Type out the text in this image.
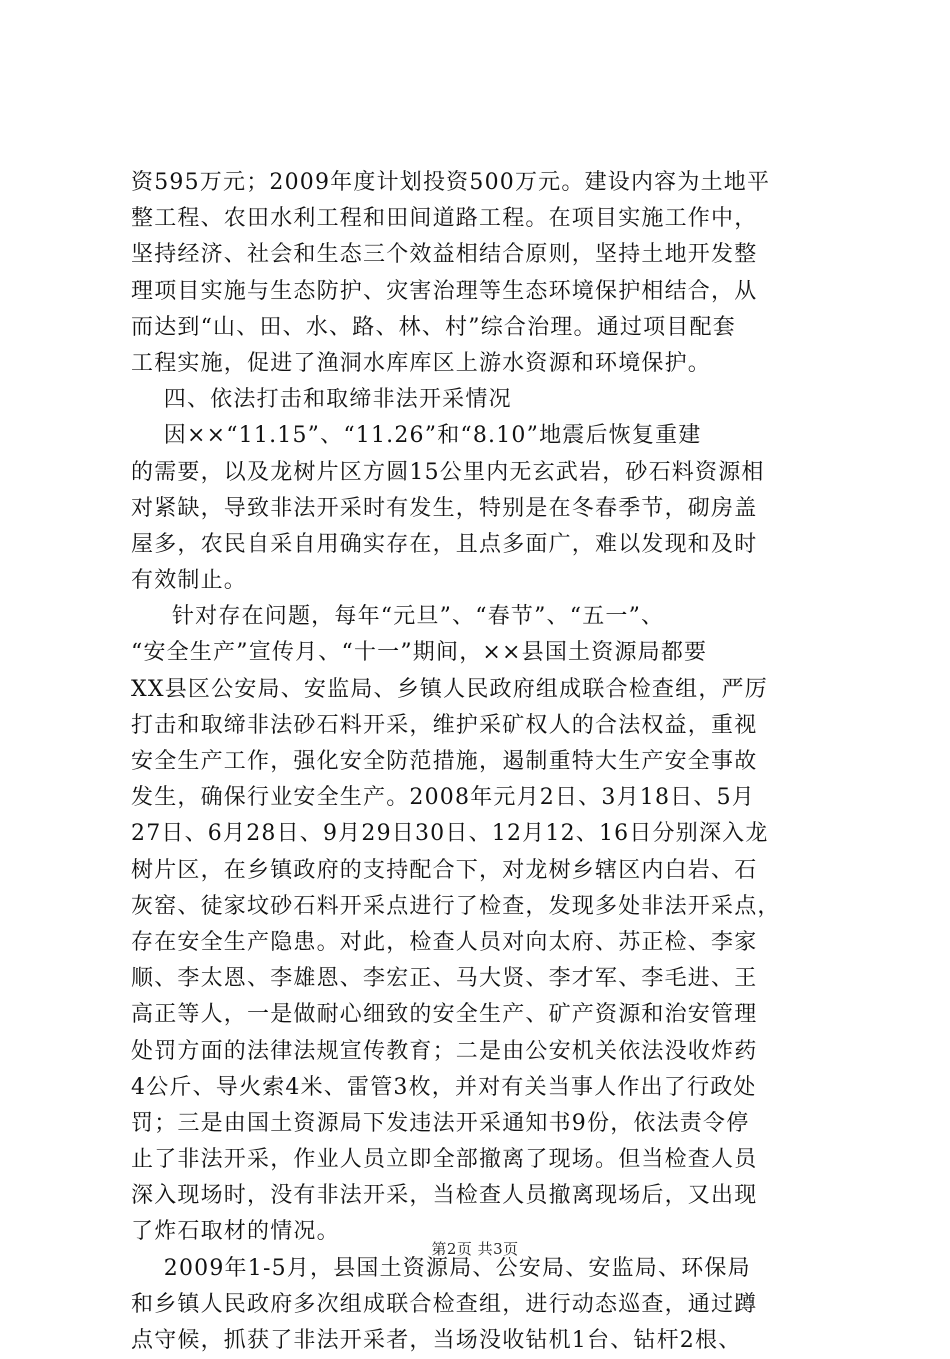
资595万元；2009年度计划投资500万元。建设内容为土地平
整工程、农田水利工程和田间道路工程。在项目实施工作中，
坚持经济、社会和生态三个效益相结合原则，坚持土地开发整
理项目实施与生态防护、灾害治理等生态环境保护相结合，从
而达到“山、田、水、路、林、村”综合治理。通过项目配套
工程实施，促进了渔洞水库库区上游水资源和环境保护。
四、依法打击和取缔非法开采情况
因××“11.15”、“11.26”和“8.10”地震后恢复重建
的需要，以及龙树片区方圆15公里内无玄武岩，砂石料资源相
对紧缺，导致非法开采时有发生，特别是在冬春季节，砌房盖
屋多，农民自采自用确实存在，且点多面广，难以发现和及时
有效制止。
针对存在问题，每年“元旦”、“春节”、“五一”、
“安全生产”宣传月、“十一”期间，××县国土资源局都要
XX县区公安局、安监局、乡镇人民政府组成联合检查组，严厉
打击和取缔非法砂石料开采，维护采矿权人的合法权益，重视
安全生产工作，强化安全防范措施，遏制重特大生产安全事故
发生，确保行业安全生产。2008年元月2日、3月18日、5月
27日、6月28日、9月29日30日、12月12、16日分别深入龙
树片区，在乡镇政府的支持配合下，对龙树乡辖区内白岩、石
灰窑、徒家坟砂石料开采点进行了检查，发现多处非法开采点，
存在安全生产隐患。对此，检查人员对向太府、苏正检、李家
顺、李太恩、李雄恩、李宏正、马大贤、李才军、李毛进、王
高正等人，一是做耐心细致的安全生产、矿产资源和治安管理
处罚方面的法律法规宣传教育；二是由公安机关依法没收炸药
4公斤、导火索4米、雷管3枚，并对有关当事人作出了行政处
罚；三是由国土资源局下发违法开采通知书9份，依法责令停
止了非法开采，作业人员立即全部撤离了现场。但当检查人员
深入现场时，没有非法开采，当检查人员撤离现场后，又出现
了炸石取材的情况。
2009年1-5月，县国土资源局、公安局、安监局、环保局
和乡镇人民政府多次组成联合检查组，进行动态巡查，通过蹲
点守候，抓获了非法开采者，当场没收钻机1台、钻杆2根、
第2页 共3页
